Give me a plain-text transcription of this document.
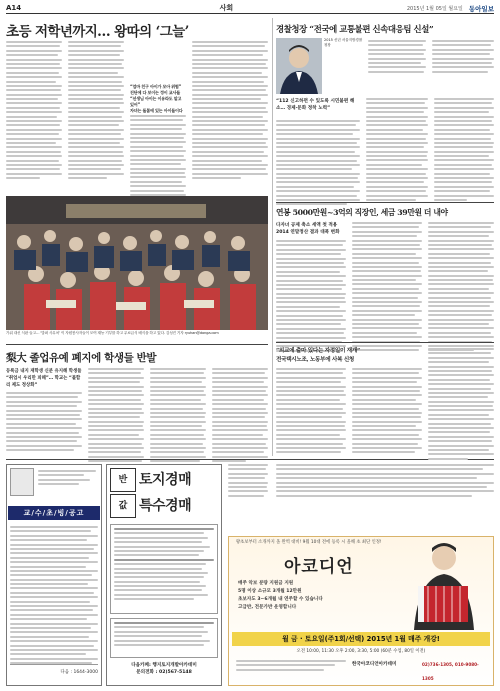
A14	사회	2015년 1월 05일 월요일 동아일보
초등 저학년까지… 왕따의 ‘그늘’
“엄마 친구 아이가 모아 위험”
진단에 다 보이는 정이 교사들
“선생님 아이는 이유라도 알고 있어”
자녀는 돌봄에 있는 아이들이다
가위 대신 식판 들고… ‘밥퍼 사무처’ 이 자원봉사자들이 모여 재능 기부를 하고 무료급식 배식을 하고 있다. 김성진 기자 ryuhan@donga.com
梨大 졸업유예 폐지에 학생들 반발
등록금 내지 재학생 신분 유지해 학생들 “취업시 우리만 피해”… 학교는 “불합리 제도 정상화”
경찰청장 “전국에 교통불편 신속대응팀 신설”
2015 신년 서울지방경찰청장
“112 신고하면 수 있도록 시민불편 해소… 경제·문화 정착 노력”
연봉 5000만원~3억의 직장인, 세금 39만원 더 내야
다자녀 공제 축소 세액 첫 적용
2014 연말정산 결과 대폭 변화
“외교에 출마 있다는 자정일이 재개”
전국택시노조, 노동부에 사복 신청
교/수/초/빙/공고
다음 : 1644-3000
반
값
토지경매
특수경매
다음카페: 행지토지개발아카데미
문의전화 : 02)567-5148
왕초보부터 소개까지 올 완벽 대비! 9월 10대 전에 등록 시 올해 초 최단 인정!
아코디언
매주 악보 분량 지원금 지원
5명 이상 소규모 3개월 12만원
초보자도 3~6개월 내 연주할 수 있습니다
고급반, 전문가반 운영합니다
월 금 · 토요일(주1회/선택) 2015년 1월 매주 개강!
오전 10:00, 11:30 오후 2:00, 3:30, 5:00 (60분 수업, 80일 이전)
한국아코디언아카데미	02)736-1305, 010-9080-1305
